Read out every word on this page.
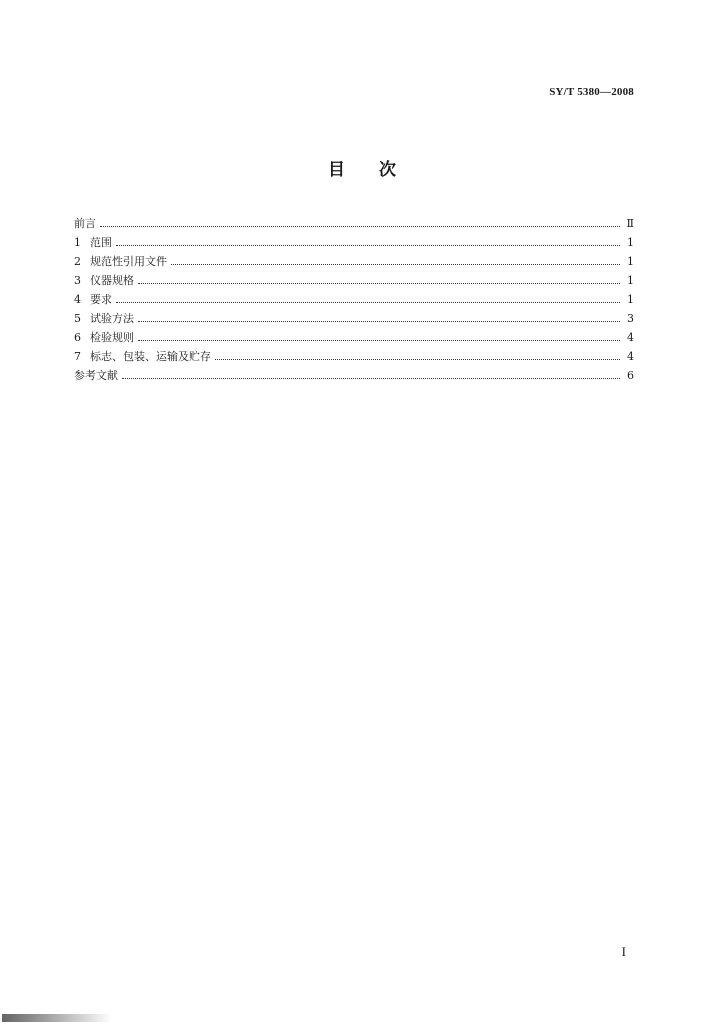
SY/T 5380—2008
目 次
前言	Ⅱ
1 范围	1
2 规范性引用文件	1
3 仪器规格	1
4 要求	1
5 试验方法	3
6 检验规则	4
7 标志、包装、运输及贮存	4
参考文献	6
I
